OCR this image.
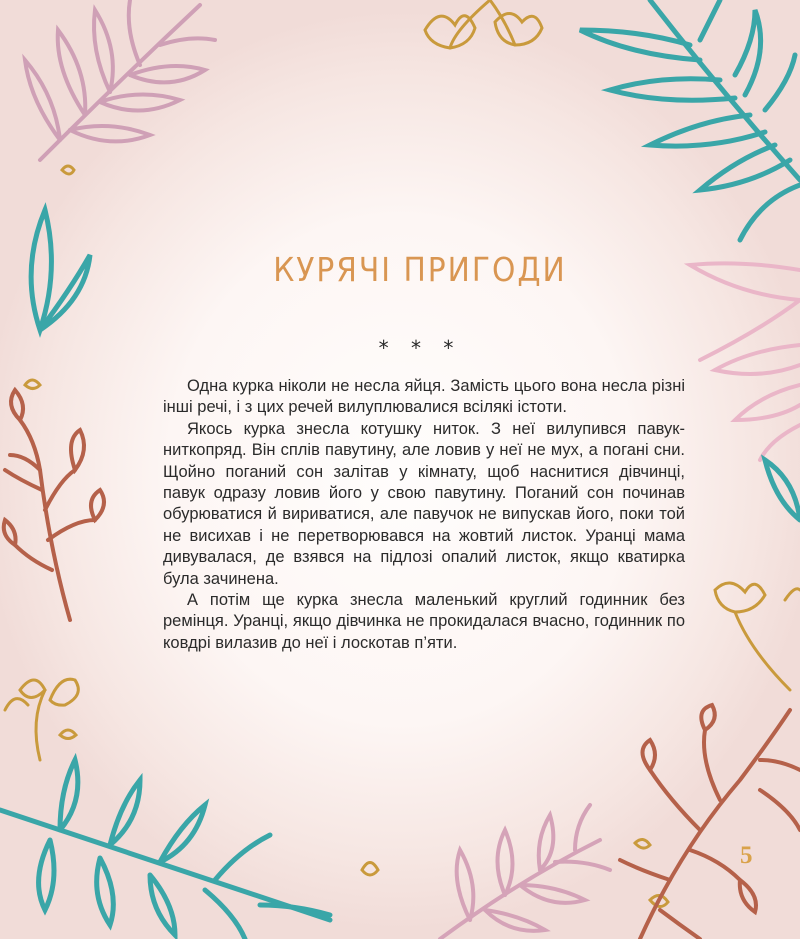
КУРЯЧІ ПРИГОДИ
* * *

Одна курка ніколи не несла яйця. Замість цього вона несла різні інші речі, і з цих речей вилуплювалися всілякі істоти.

Якось курка знесла котушку ниток. З неї вилупився павук-ниткопряд. Він сплів павутину, але ловив у неї не мух, а погані сни. Щойно поганий сон залітав у кімнату, щоб наснитися дівчинці, павук одразу ловив його у свою павутину. Поганий сон починав обурюватися й вириватися, але павучок не випускав його, поки той не висихав і не перетворювався на жовтий листок. Уранці мама дивувалася, де взявся на підлозі опалий листок, якщо кватирка була зачинена.

А потім ще курка знесла маленький круглий годинник без ремінця. Уранці, якщо дівчинка не прокидалася вчасно, годинник по ковдрі вилазив до неї і лоскотав п’яти.

5
